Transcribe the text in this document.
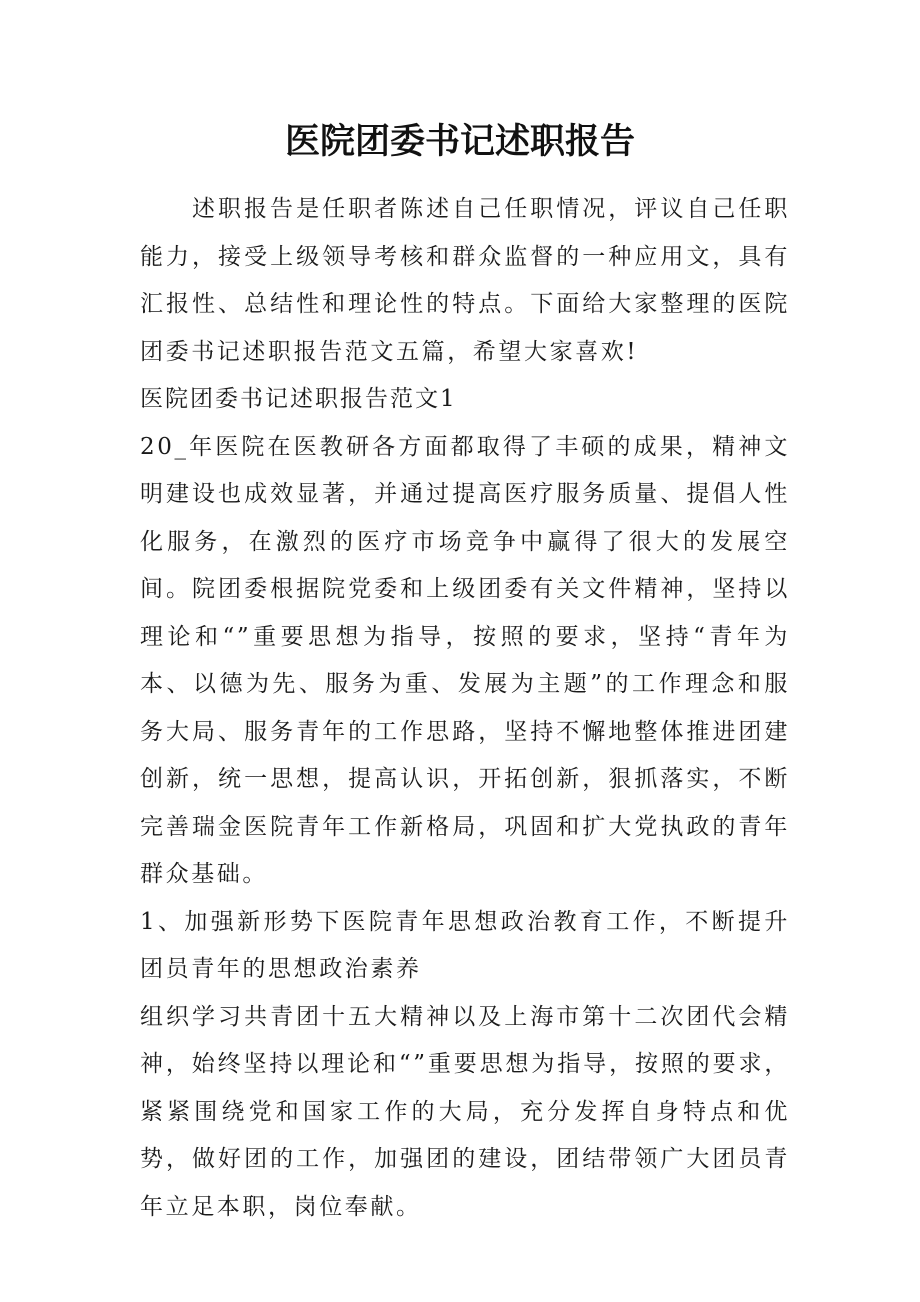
医院团委书记述职报告

述职报告是任职者陈述自己任职情况，评议自己任职能力，接受上级领导考核和群众监督的一种应用文，具有汇报性、总结性和理论性的特点。下面给大家整理的医院团委书记述职报告范文五篇，希望大家喜欢!

医院团委书记述职报告范文1

20_年医院在医教研各方面都取得了丰硕的成果，精神文明建设也成效显著，并通过提高医疗服务质量、提倡人性化服务，在激烈的医疗市场竞争中赢得了很大的发展空间。院团委根据院党委和上级团委有关文件精神，坚持以理论和“”重要思想为指导，按照的要求，坚持“青年为本、以德为先、服务为重、发展为主题”的工作理念和服务大局、服务青年的工作思路，坚持不懈地整体推进团建创新，统一思想，提高认识，开拓创新，狠抓落实，不断完善瑞金医院青年工作新格局，巩固和扩大党执政的青年群众基础。

1、加强新形势下医院青年思想政治教育工作，不断提升团员青年的思想政治素养

组织学习共青团十五大精神以及上海市第十二次团代会精神，始终坚持以理论和“”重要思想为指导，按照的要求，紧紧围绕党和国家工作的大局，充分发挥自身特点和优势，做好团的工作，加强团的建设，团结带领广大团员青年立足本职，岗位奉献。
